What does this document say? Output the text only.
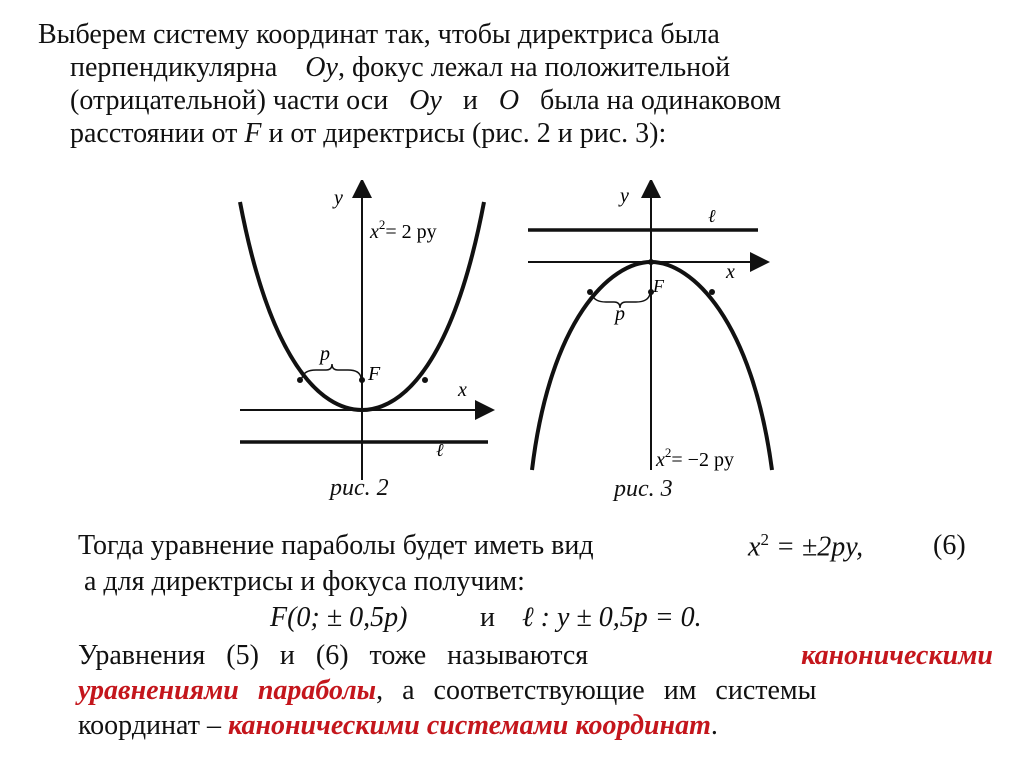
Выберем систему координат так, чтобы директриса была
перпендикулярна Oy, фокус лежал на положительной
(отрицательной) части оси Oy и O была на одинаковом
расстоянии от F и от директрисы (рис. 2 и рис. 3):
y
x
$x^2= 2$ py
p
F
ℓ
рис. 2
y
ℓ
x
F
p
$x^2= -2$ py
рис. 3
Тогда уравнение параболы будет иметь вид	$x^2 = \pm 2py$, (6)
а для директрисы и фокуса получим:
F(0; ± 0,5p)	и ℓ : y ± 0,5p = 0.
Уравнения   (5)   и   (6)   тоже   называются	каноническими
уравнениями параболы, а соответствующие им системы
координат – каноническими системами координат.
